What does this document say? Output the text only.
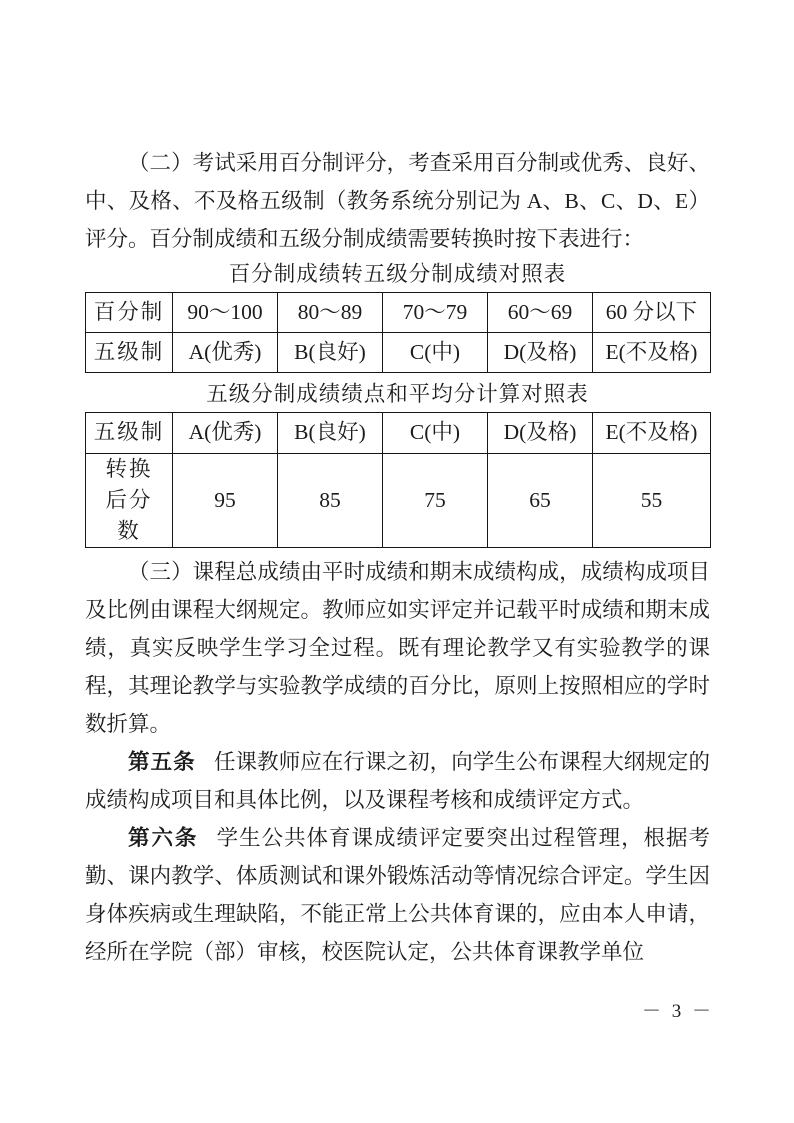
（二）考试采用百分制评分，考查采用百分制或优秀、良好、中、及格、不及格五级制（教务系统分别记为 A、B、C、D、E）评分。百分制成绩和五级分制成绩需要转换时按下表进行：

百分制成绩转五级分制成绩对照表
百分制	90～100	80～89	70～79	60～69	60 分以下
五级制	A(优秀)	B(良好)	C(中)	D(及格)	E(不及格)
五级分制成绩绩点和平均分计算对照表
五级制	A(优秀)	B(良好)	C(中)	D(及格)	E(不及格)

转换后分数	95	85	75	65	55

（三）课程总成绩由平时成绩和期末成绩构成，成绩构成项目及比例由课程大纲规定。教师应如实评定并记载平时成绩和期末成绩，真实反映学生学习全过程。既有理论教学又有实验教学的课程，其理论教学与实验教学成绩的百分比，原则上按照相应的学时数折算。

第五条 任课教师应在行课之初，向学生公布课程大纲规定的成绩构成项目和具体比例，以及课程考核和成绩评定方式。

第六条 学生公共体育课成绩评定要突出过程管理，根据考勤、课内教学、体质测试和课外锻炼活动等情况综合评定。学生因身体疾病或生理缺陷，不能正常上公共体育课的，应由本人申请，经所在学院（部）审核，校医院认定，公共体育课教学单位

－ 3 －
